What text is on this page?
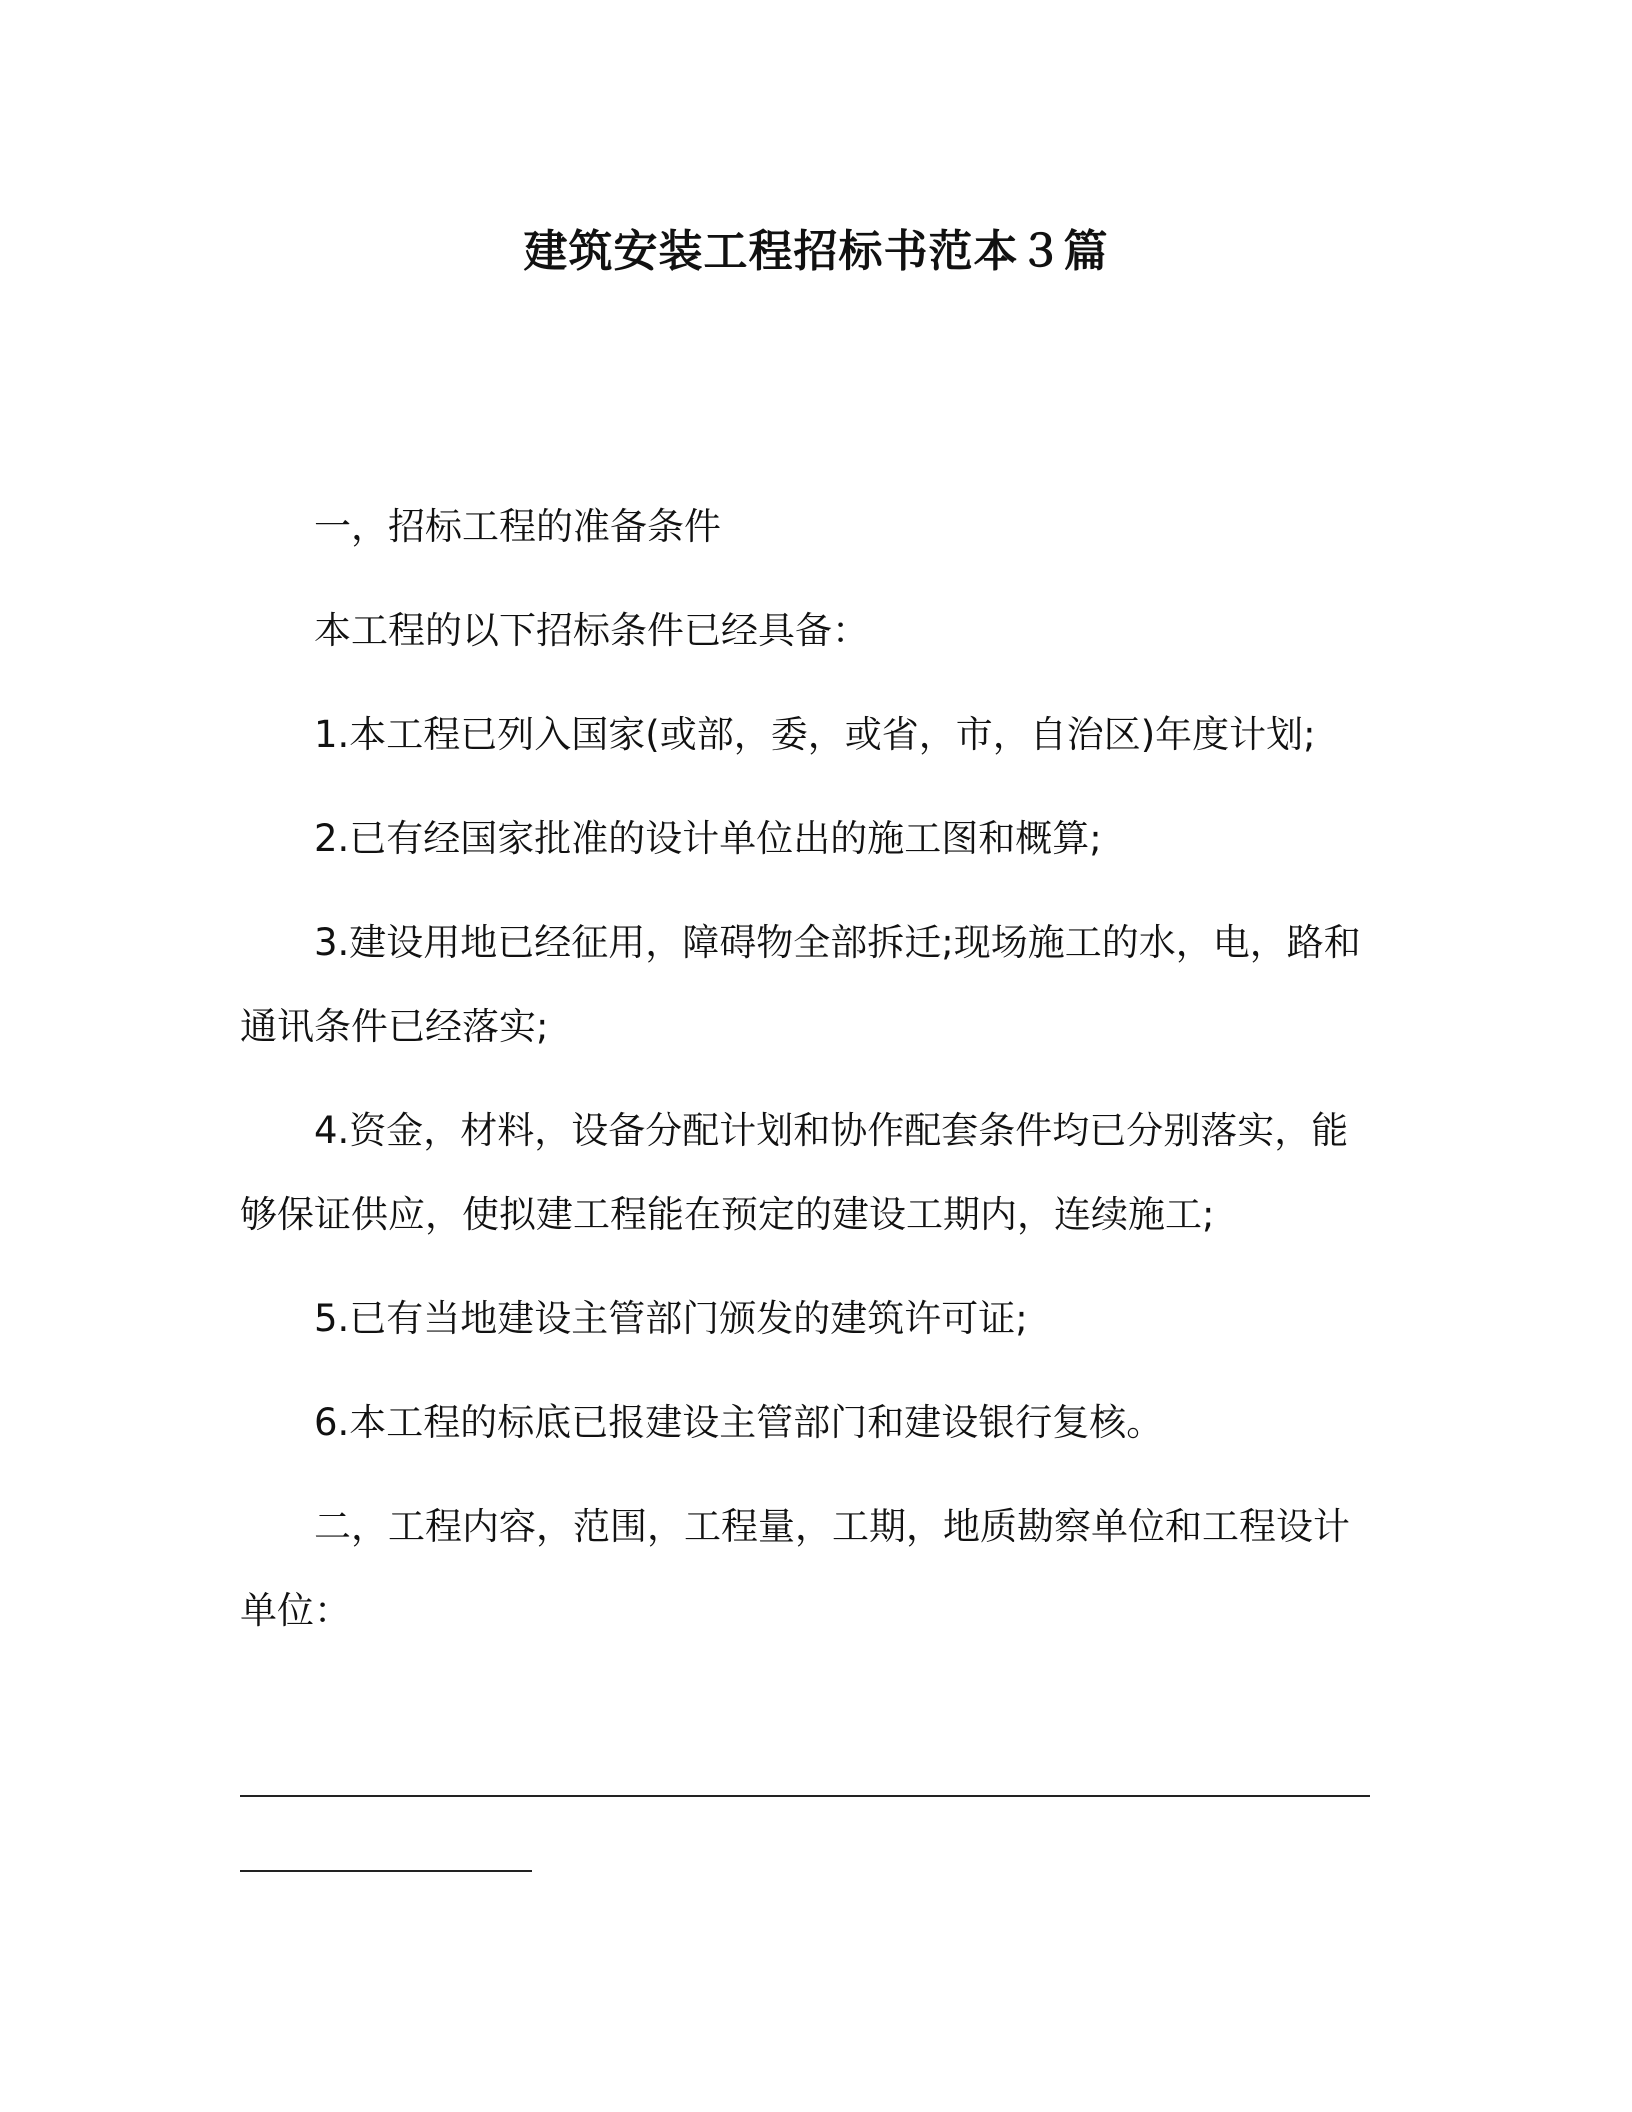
建筑安装工程招标书范本３篇

一，招标工程的准备条件

本工程的以下招标条件已经具备：

1.本工程已列入国家(或部，委，或省，市，自治区)年度计划;

2.已有经国家批准的设计单位出的施工图和概算;

3.建设用地已经征用，障碍物全部拆迁;现场施工的水，电，路和通讯条件已经落实;

4.资金，材料，设备分配计划和协作配套条件均已分别落实，能够保证供应，使拟建工程能在预定的建设工期内，连续施工;

5.已有当地建设主管部门颁发的建筑许可证;

6.本工程的标底已报建设主管部门和建设银行复核。

二，工程内容，范围，工程量，工期，地质勘察单位和工程设计单位：
